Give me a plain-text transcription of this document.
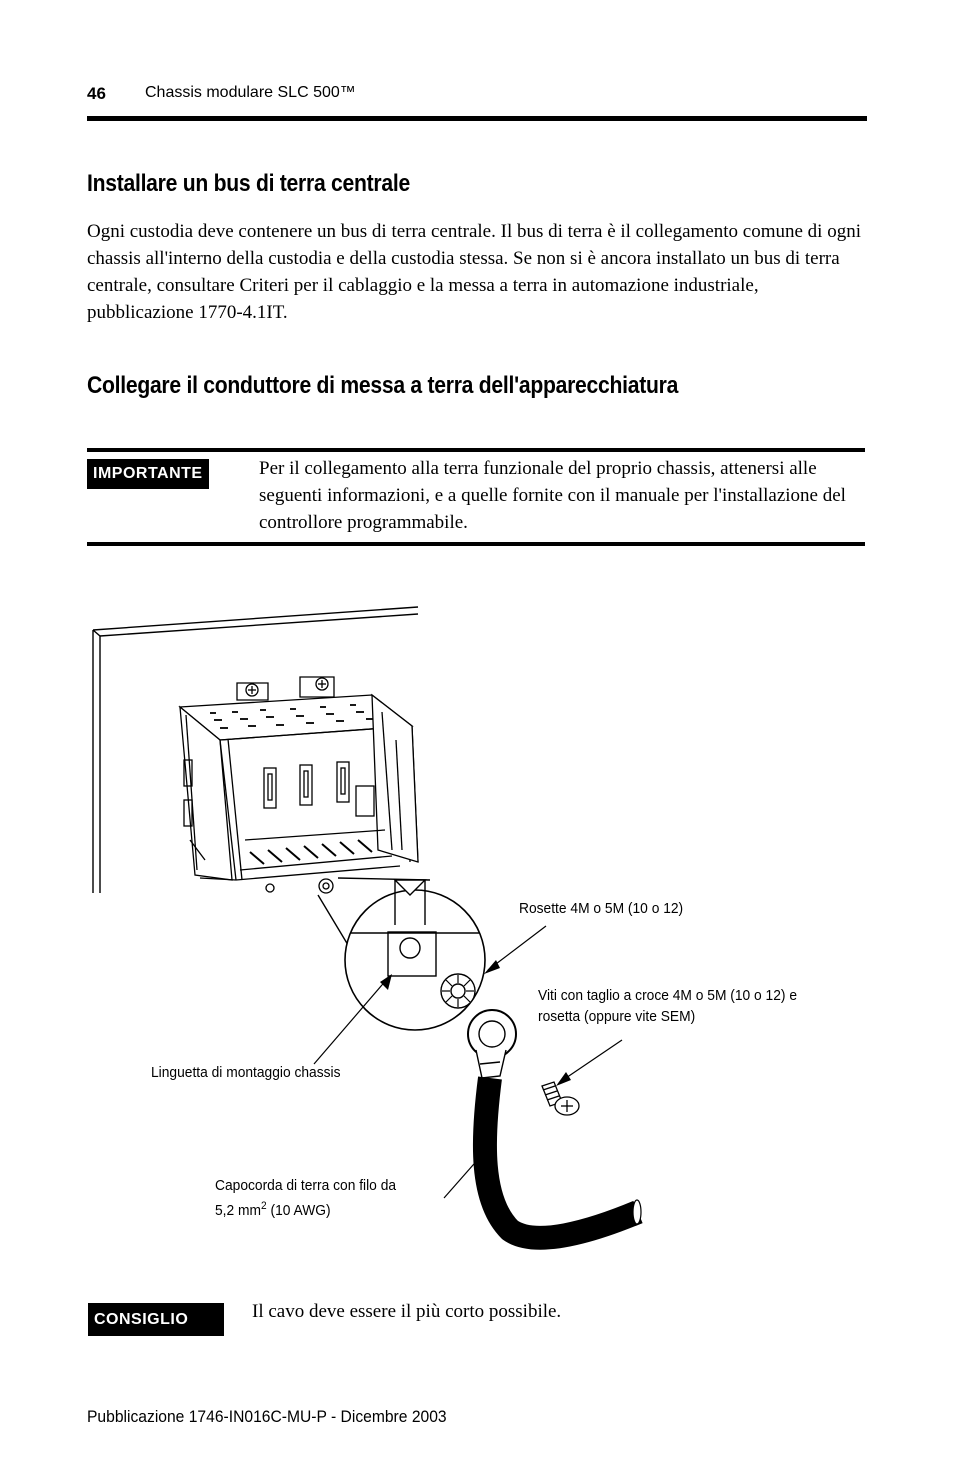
46 Chassis modulare SLC 500™
Installare un bus di terra centrale
Ogni custodia deve contenere un bus di terra centrale. Il bus di terra è il collegamento comune di ogni chassis all'interno della custodia e della custodia stessa. Se non si è ancora installato un bus di terra centrale, consultare Criteri per il cablaggio e la messa a terra in automazione industriale, pubblicazione 1770-4.1IT.
Collegare il conduttore di messa a terra dell'apparecchiatura
IMPORTANTE	Per il collegamento alla terra funzionale del proprio chassis, attenersi alle seguenti informazioni, e a quelle fornite con il manuale per l'installazione del controllore programmabile.
Rosette 4M o 5M (10 o 12)
Viti con taglio a croce 4M o 5M (10 o 12) e
rosetta (oppure vite SEM)
Linguetta di montaggio chassis
Capocorda di terra con filo da
5,2 $mm^2$ (10 AWG)
CONSIGLIO	Il cavo deve essere il più corto possibile.
Pubblicazione 1746-IN016C-MU-P - Dicembre 2003
